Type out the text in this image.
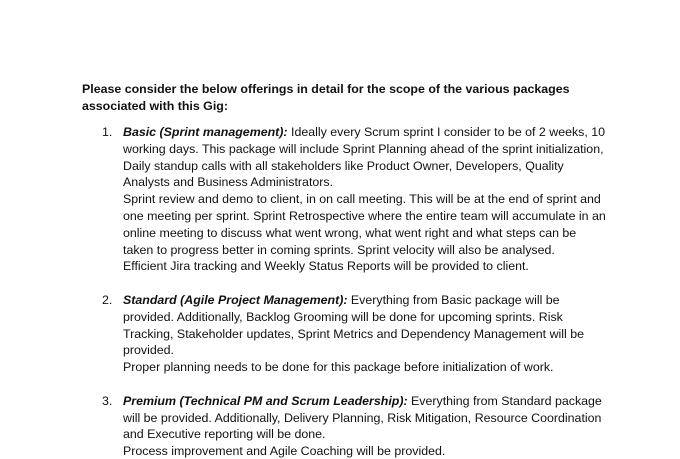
Please consider the below offerings in detail for the scope of the various packages associated with this Gig:
1. Basic (Sprint management): Ideally every Scrum sprint I consider to be of 2 weeks, 10 working days. This package will include Sprint Planning ahead of the sprint initialization, Daily standup calls with all stakeholders like Product Owner, Developers, Quality Analysts and Business Administrators.
Sprint review and demo to client, in on call meeting. This will be at the end of sprint and one meeting per sprint. Sprint Retrospective where the entire team will accumulate in an online meeting to discuss what went wrong, what went right and what steps can be taken to progress better in coming sprints. Sprint velocity will also be analysed.
Efficient Jira tracking and Weekly Status Reports will be provided to client.
2. Standard (Agile Project Management): Everything from Basic package will be provided. Additionally, Backlog Grooming will be done for upcoming sprints. Risk Tracking, Stakeholder updates, Sprint Metrics and Dependency Management will be provided.
Proper planning needs to be done for this package before initialization of work.
3. Premium (Technical PM and Scrum Leadership): Everything from Standard package will be provided. Additionally, Delivery Planning, Risk Mitigation, Resource Coordination and Executive reporting will be done.
Process improvement and Agile Coaching will be provided.
